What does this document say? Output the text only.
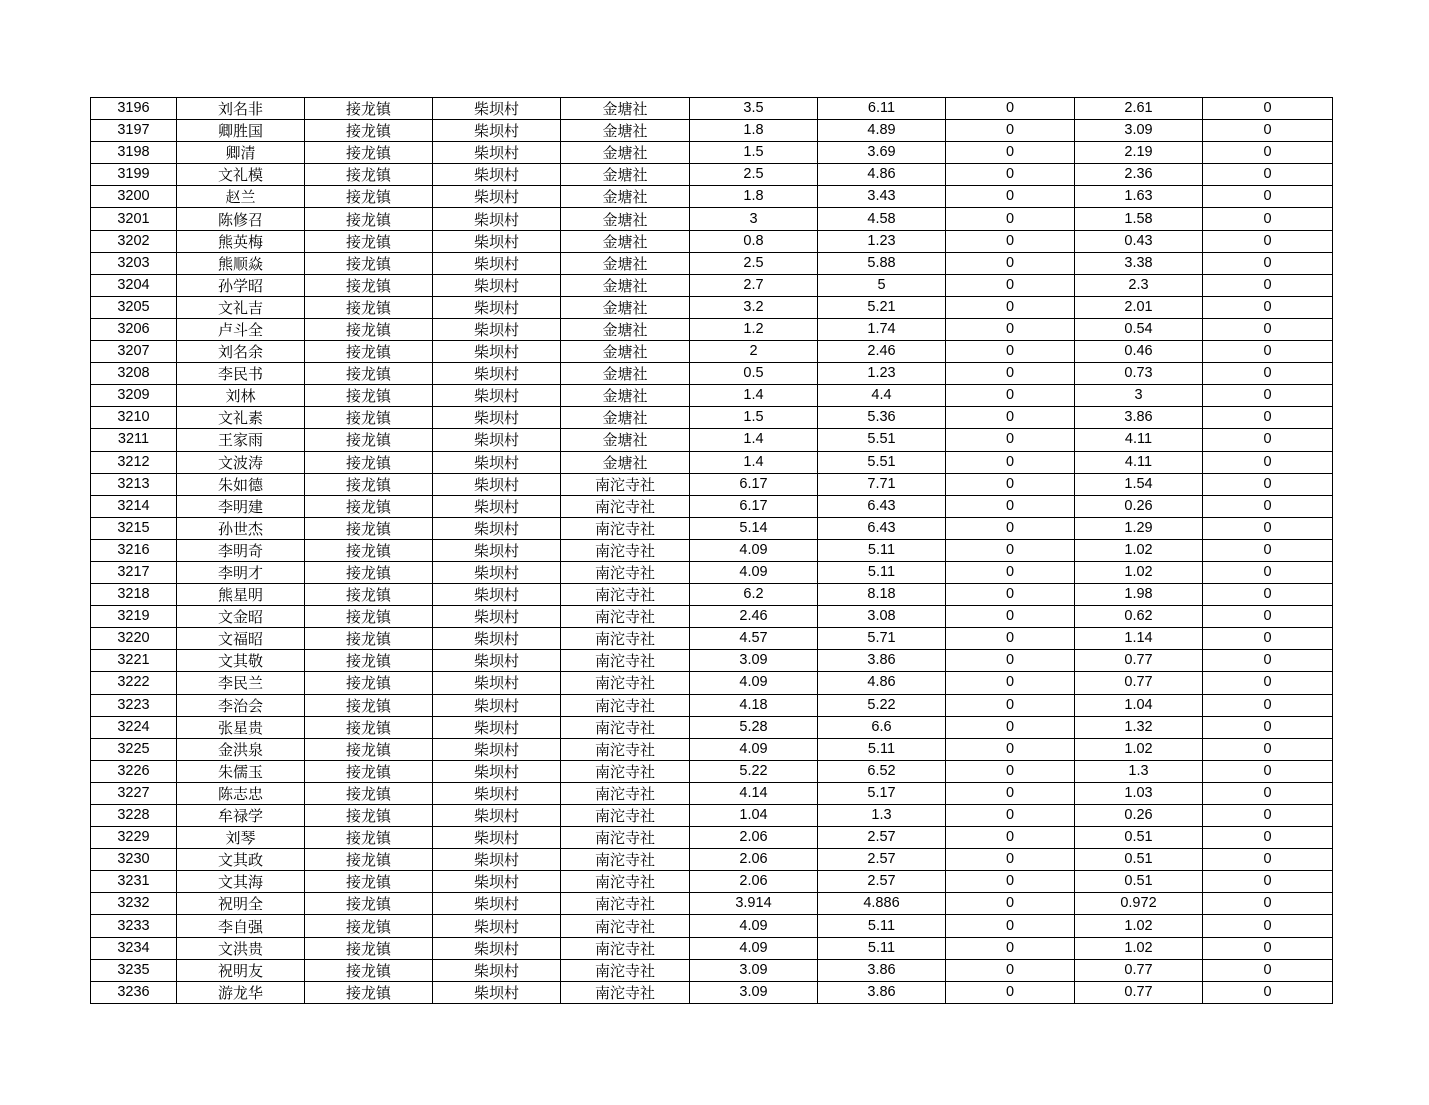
3196	刘名非	接龙镇	柴坝村	金塘社	3.5	6.11	0	2.61	0
3197	卿胜国	接龙镇	柴坝村	金塘社	1.8	4.89	0	3.09	0
3198	卿清	接龙镇	柴坝村	金塘社	1.5	3.69	0	2.19	0
3199	文礼模	接龙镇	柴坝村	金塘社	2.5	4.86	0	2.36	0
3200	赵兰	接龙镇	柴坝村	金塘社	1.8	3.43	0	1.63	0
3201	陈修召	接龙镇	柴坝村	金塘社	3	4.58	0	1.58	0
3202	熊英梅	接龙镇	柴坝村	金塘社	0.8	1.23	0	0.43	0
3203	熊顺焱	接龙镇	柴坝村	金塘社	2.5	5.88	0	3.38	0
3204	孙学昭	接龙镇	柴坝村	金塘社	2.7	5	0	2.3	0
3205	文礼吉	接龙镇	柴坝村	金塘社	3.2	5.21	0	2.01	0
3206	卢斗全	接龙镇	柴坝村	金塘社	1.2	1.74	0	0.54	0
3207	刘名余	接龙镇	柴坝村	金塘社	2	2.46	0	0.46	0
3208	李民书	接龙镇	柴坝村	金塘社	0.5	1.23	0	0.73	0
3209	刘林	接龙镇	柴坝村	金塘社	1.4	4.4	0	3	0
3210	文礼素	接龙镇	柴坝村	金塘社	1.5	5.36	0	3.86	0
3211	王家雨	接龙镇	柴坝村	金塘社	1.4	5.51	0	4.11	0
3212	文波涛	接龙镇	柴坝村	金塘社	1.4	5.51	0	4.11	0
3213	朱如德	接龙镇	柴坝村	南沱寺社	6.17	7.71	0	1.54	0
3214	李明建	接龙镇	柴坝村	南沱寺社	6.17	6.43	0	0.26	0
3215	孙世杰	接龙镇	柴坝村	南沱寺社	5.14	6.43	0	1.29	0
3216	李明奇	接龙镇	柴坝村	南沱寺社	4.09	5.11	0	1.02	0
3217	李明才	接龙镇	柴坝村	南沱寺社	4.09	5.11	0	1.02	0
3218	熊星明	接龙镇	柴坝村	南沱寺社	6.2	8.18	0	1.98	0
3219	文金昭	接龙镇	柴坝村	南沱寺社	2.46	3.08	0	0.62	0
3220	文福昭	接龙镇	柴坝村	南沱寺社	4.57	5.71	0	1.14	0
3221	文其敬	接龙镇	柴坝村	南沱寺社	3.09	3.86	0	0.77	0
3222	李民兰	接龙镇	柴坝村	南沱寺社	4.09	4.86	0	0.77	0
3223	李治会	接龙镇	柴坝村	南沱寺社	4.18	5.22	0	1.04	0
3224	张星贵	接龙镇	柴坝村	南沱寺社	5.28	6.6	0	1.32	0
3225	金洪泉	接龙镇	柴坝村	南沱寺社	4.09	5.11	0	1.02	0
3226	朱儒玉	接龙镇	柴坝村	南沱寺社	5.22	6.52	0	1.3	0
3227	陈志忠	接龙镇	柴坝村	南沱寺社	4.14	5.17	0	1.03	0
3228	牟禄学	接龙镇	柴坝村	南沱寺社	1.04	1.3	0	0.26	0
3229	刘琴	接龙镇	柴坝村	南沱寺社	2.06	2.57	0	0.51	0
3230	文其政	接龙镇	柴坝村	南沱寺社	2.06	2.57	0	0.51	0
3231	文其海	接龙镇	柴坝村	南沱寺社	2.06	2.57	0	0.51	0
3232	祝明全	接龙镇	柴坝村	南沱寺社	3.914	4.886	0	0.972	0
3233	李自强	接龙镇	柴坝村	南沱寺社	4.09	5.11	0	1.02	0
3234	文洪贵	接龙镇	柴坝村	南沱寺社	4.09	5.11	0	1.02	0
3235	祝明友	接龙镇	柴坝村	南沱寺社	3.09	3.86	0	0.77	0
3236	游龙华	接龙镇	柴坝村	南沱寺社	3.09	3.86	0	0.77	0
